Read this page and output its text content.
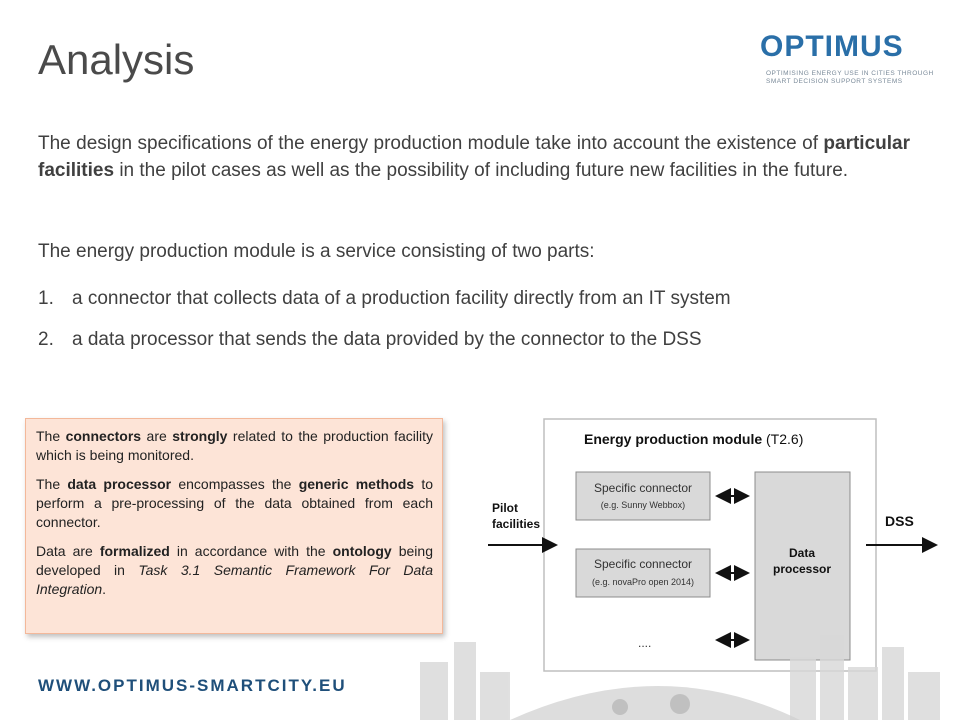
Analysis	OPTIMUS
OPTIMISING ENERGY USE IN CITIES THROUGH
SMART DECISION SUPPORT SYSTEMS
The design specifications of the energy production module take into account the existence of particular facilities in the pilot cases as well as the possibility of including future new facilities in the future.
The energy production module is a service consisting of two parts:
1. a connector that collects data of a production facility directly from an IT system
2. a data processor that sends the data provided by the connector to the DSS

The connectors are strongly related to the production facility which is being monitored.

The data processor encompasses the generic methods to perform a pre-processing of the data obtained from each connector.

Data are formalized in accordance with the ontology being developed in Task 3.1 Semantic Framework For Data Integration.

Energy production module (T2.6)
Specific connector
(e.g. Sunny Webbox)
Specific connector
(e.g. novaPro open 2014)
....
Data
processor
Pilot
facilities	DSS
WWW.OPTIMUS-SMARTCITY.EU
